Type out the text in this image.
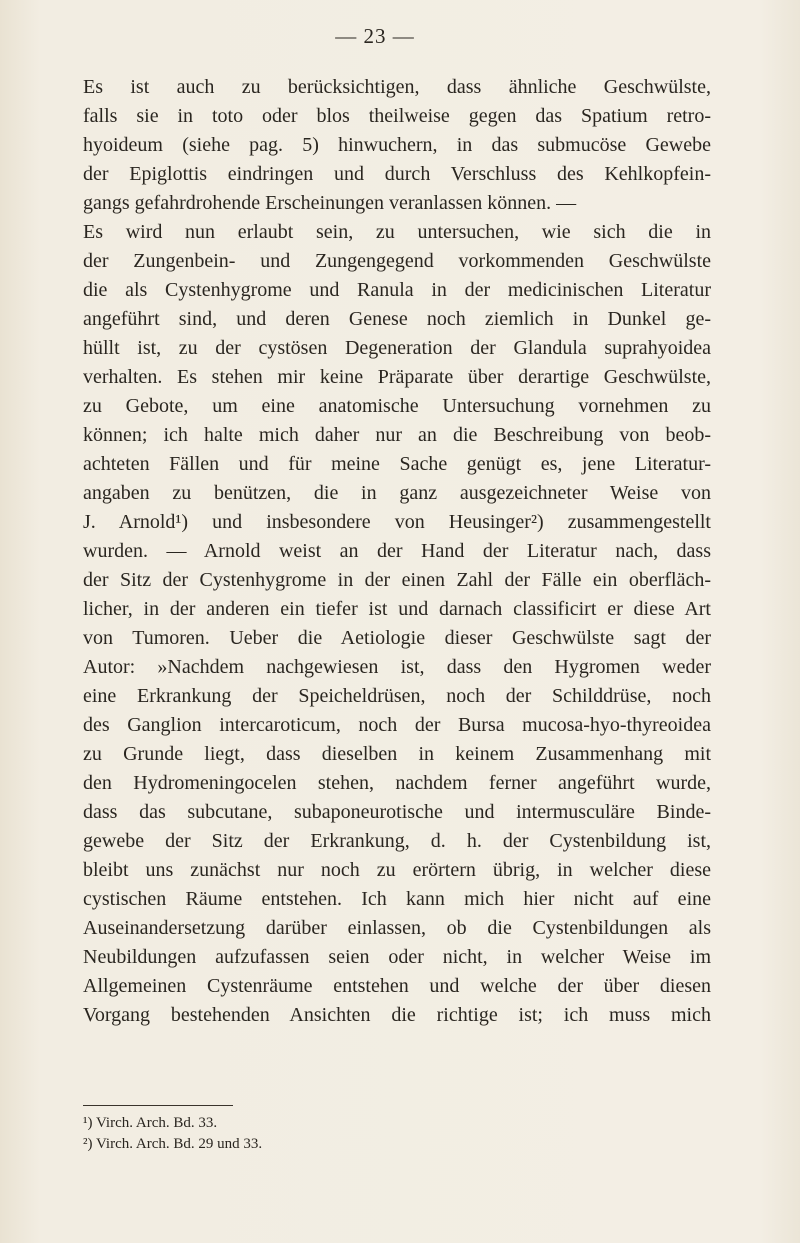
— 23 —
Es ist auch zu berücksichtigen, dass ähnliche Geschwülste,
falls sie in toto oder blos theilweise gegen das Spatium retro-
hyoideum (siehe pag. 5) hinwuchern, in das submucöse Gewebe
der Epiglottis eindringen und durch Verschluss des Kehlkopfein-
gangs gefahrdrohende Erscheinungen veranlassen können. —
Es wird nun erlaubt sein, zu untersuchen, wie sich die in
der Zungenbein- und Zungengegend vorkommenden Geschwülste
die als Cystenhygrome und Ranula in der medicinischen Literatur
angeführt sind, und deren Genese noch ziemlich in Dunkel ge-
hüllt ist, zu der cystösen Degeneration der Glandula suprahyoidea
verhalten. Es stehen mir keine Präparate über derartige Geschwülste,
zu Gebote, um eine anatomische Untersuchung vornehmen zu
können; ich halte mich daher nur an die Beschreibung von beob-
achteten Fällen und für meine Sache genügt es, jene Literatur-
angaben zu benützen, die in ganz ausgezeichneter Weise von
J. Arnold¹) und insbesondere von Heusinger²) zusammengestellt
wurden. — Arnold weist an der Hand der Literatur nach, dass
der Sitz der Cystenhygrome in der einen Zahl der Fälle ein oberfläch-
licher, in der anderen ein tiefer ist und darnach classificirt er diese Art
von Tumoren. Ueber die Aetiologie dieser Geschwülste sagt der
Autor: »Nachdem nachgewiesen ist, dass den Hygromen weder
eine Erkrankung der Speicheldrüsen, noch der Schilddrüse, noch
des Ganglion intercaroticum, noch der Bursa mucosa-hyo-thyreoidea
zu Grunde liegt, dass dieselben in keinem Zusammenhang mit
den Hydromeningocelen stehen, nachdem ferner angeführt wurde,
dass das subcutane, subaponeurotische und intermusculäre Binde-
gewebe der Sitz der Erkrankung, d. h. der Cystenbildung ist,
bleibt uns zunächst nur noch zu erörtern übrig, in welcher diese
cystischen Räume entstehen. Ich kann mich hier nicht auf eine
Auseinandersetzung darüber einlassen, ob die Cystenbildungen als
Neubildungen aufzufassen seien oder nicht, in welcher Weise im
Allgemeinen Cystenräume entstehen und welche der über diesen
Vorgang bestehenden Ansichten die richtige ist; ich muss mich
¹) Virch. Arch. Bd. 33.
²) Virch. Arch. Bd. 29 und 33.
